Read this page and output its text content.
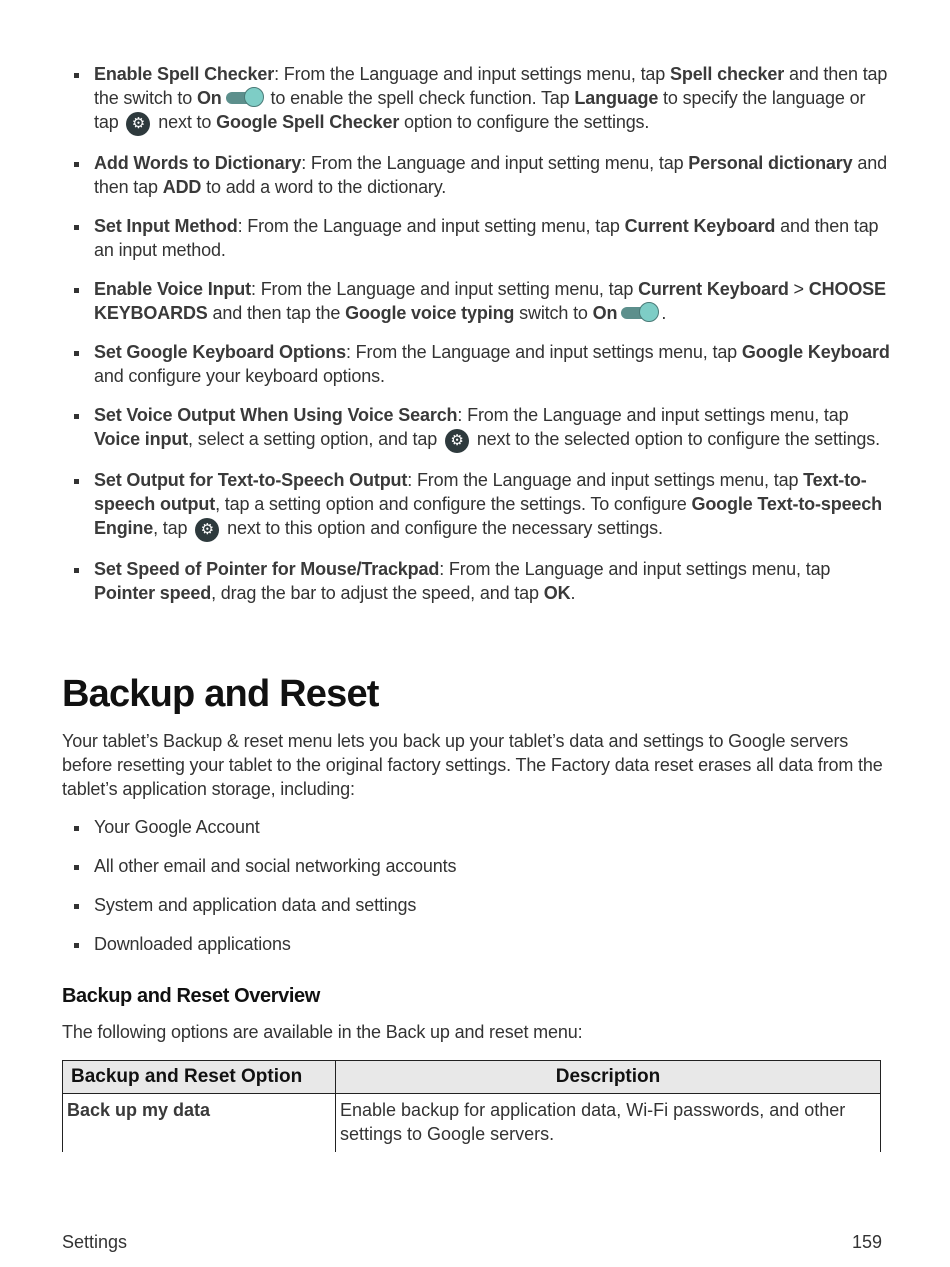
Enable Spell Checker: From the Language and input settings menu, tap Spell checker and then tap the switch to On
to enable the spell check function. Tap Language to specify the language or tap ⚙ next to Google Spell Checker option to configure the settings.
Add Words to Dictionary: From the Language and input setting menu, tap Personal dictionary and then tap ADD to add a word to the dictionary.
Set Input Method: From the Language and input setting menu, tap Current Keyboard and then tap an input method.
Enable Voice Input: From the Language and input setting menu, tap Current Keyboard > CHOOSE KEYBOARDS and then tap the Google voice typing switch to On .
Set Google Keyboard Options: From the Language and input settings menu, tap Google Keyboard and configure your keyboard options.
Set Voice Output When Using Voice Search: From the Language and input settings menu, tap Voice input, select a setting option, and tap ⚙ next to the selected option to configure the settings.
Set Output for Text-to-Speech Output: From the Language and input settings menu, tap Text-to-speech output, tap a setting option and configure the settings. To configure Google Text-to-speech Engine, tap ⚙ next to this option and configure the necessary settings.
Set Speed of Pointer for Mouse/Trackpad: From the Language and input settings menu, tap Pointer speed, drag the bar to adjust the speed, and tap OK.
Backup and Reset

Your tablet’s Backup & reset menu lets you back up your tablet’s data and settings to Google servers before resetting your tablet to the original factory settings. The Factory data reset erases all data from the tablet’s application storage, including:

Your Google Account
All other email and social networking accounts
System and application data and settings
Downloaded applications
Backup and Reset Overview

The following options are available in the Back up and reset menu:

Backup and Reset Option	Description
Back up my data	Enable backup for application data, Wi-Fi passwords, and other settings to Google servers.
Settings	159
